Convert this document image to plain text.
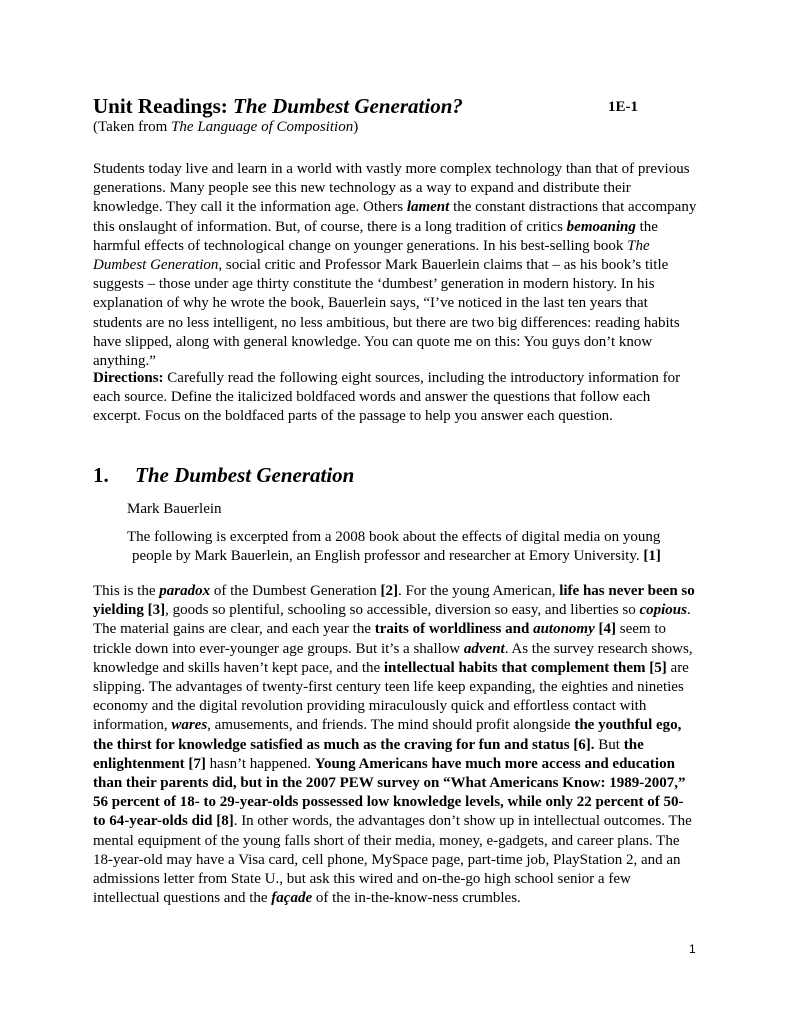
Unit Readings: The Dumbest Generation?	1E-1
(Taken from The Language of Composition)
Students today live and learn in a world with vastly more complex technology than that of previous generations. Many people see this new technology as a way to expand and distribute their knowledge. They call it the information age. Others lament the constant distractions that accompany this onslaught of information. But, of course, there is a long tradition of critics bemoaning the harmful effects of technological change on younger generations. In his best-selling book The Dumbest Generation, social critic and Professor Mark Bauerlein claims that – as his book’s title suggests – those under age thirty constitute the ‘dumbest’ generation in modern history. In his explanation of why he wrote the book, Bauerlein says, “I’ve noticed in the last ten years that students are no less intelligent, no less ambitious, but there are two big differences: reading habits have slipped, along with general knowledge. You can quote me on this: You guys don’t know anything.”
Directions: Carefully read the following eight sources, including the introductory information for each source. Define the italicized boldfaced words and answer the questions that follow each excerpt. Focus on the boldfaced parts of the passage to help you answer each question.
1. The Dumbest Generation
Mark Bauerlein
The following is excerpted from a 2008 book about the effects of digital media on young
people by Mark Bauerlein, an English professor and researcher at Emory University. [1]
This is the paradox of the Dumbest Generation [2]. For the young American, life has never been so yielding [3], goods so plentiful, schooling so accessible, diversion so easy, and liberties so copious. The material gains are clear, and each year the traits of worldliness and autonomy [4] seem to trickle down into ever-younger age groups. But it’s a shallow advent. As the survey research shows, knowledge and skills haven’t kept pace, and the intellectual habits that complement them [5] are slipping. The advantages of twenty-first century teen life keep expanding, the eighties and nineties economy and the digital revolution providing miraculously quick and effortless contact with information, wares, amusements, and friends. The mind should profit alongside the youthful ego, the thirst for knowledge satisfied as much as the craving for fun and status [6]. But the enlightenment [7] hasn’t happened. Young Americans have much more access and education than their parents did, but in the 2007 PEW survey on “What Americans Know: 1989-2007,” 56 percent of 18- to 29-year-olds possessed low knowledge levels, while only 22 percent of 50- to 64-year-olds did [8]. In other words, the advantages don’t show up in intellectual outcomes. The mental equipment of the young falls short of their media, money, e-gadgets, and career plans. The 18-year-old may have a Visa card, cell phone, MySpace page, part-time job, PlayStation 2, and an admissions letter from State U., but ask this wired and on-the-go high school senior a few intellectual questions and the façade of the in-the-know-ness crumbles.
1
